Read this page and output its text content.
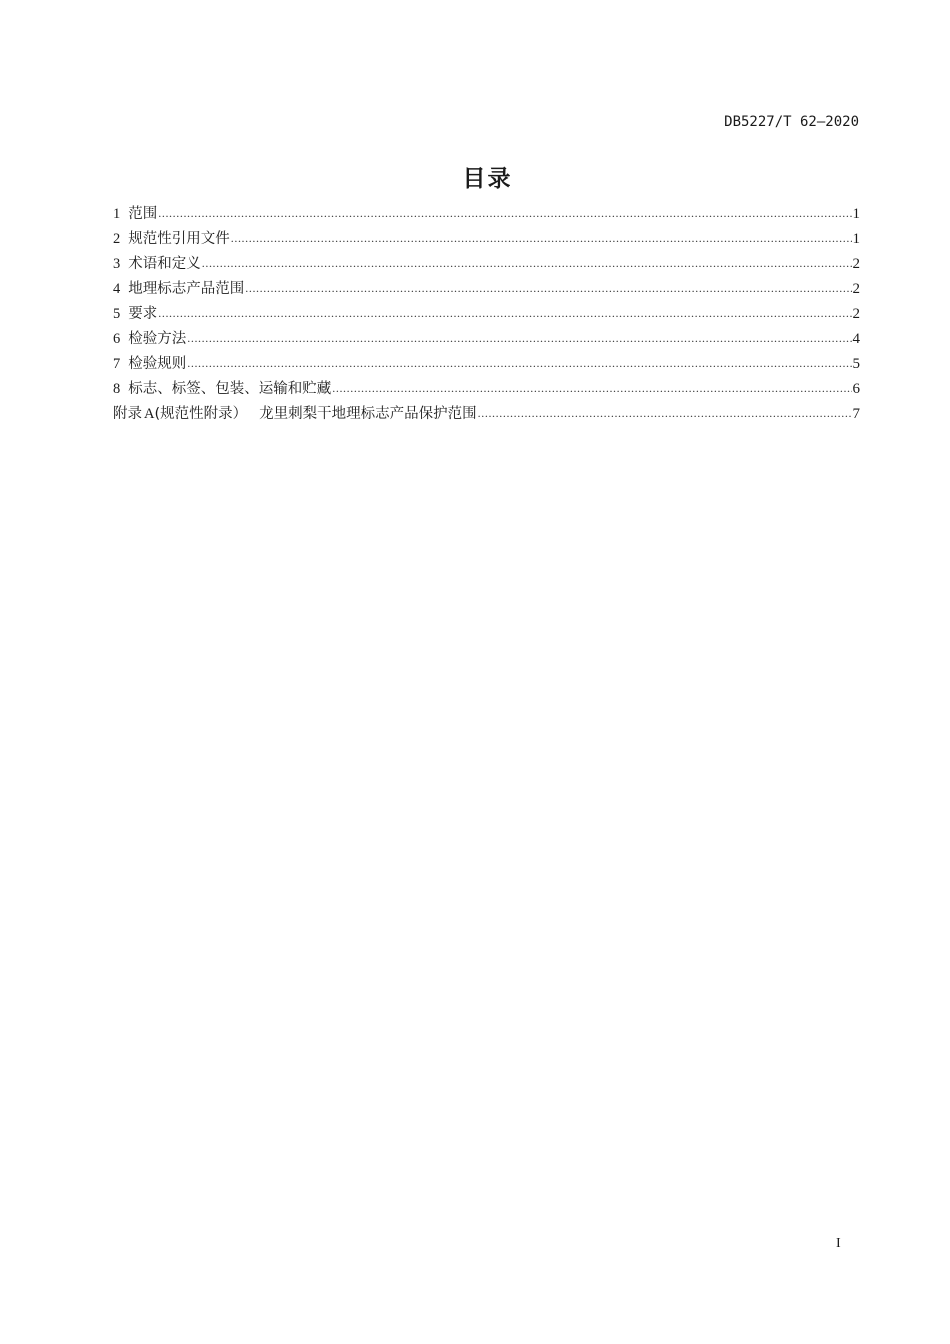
DB5227/T 62—2020
目录
1 范围 .....	1
2 规范性引用文件 .....	1
3 术语和定义 .....	2
4 地理标志产品范围 .....	2
5 要求 .....	2
6 检验方法 .....	4
7 检验规则 .....	5
8 标志、标签、包装、运输和贮藏 .....	6
附录 A(规范性附录） 龙里刺梨干地理标志产品保护范围 .....	7
I
